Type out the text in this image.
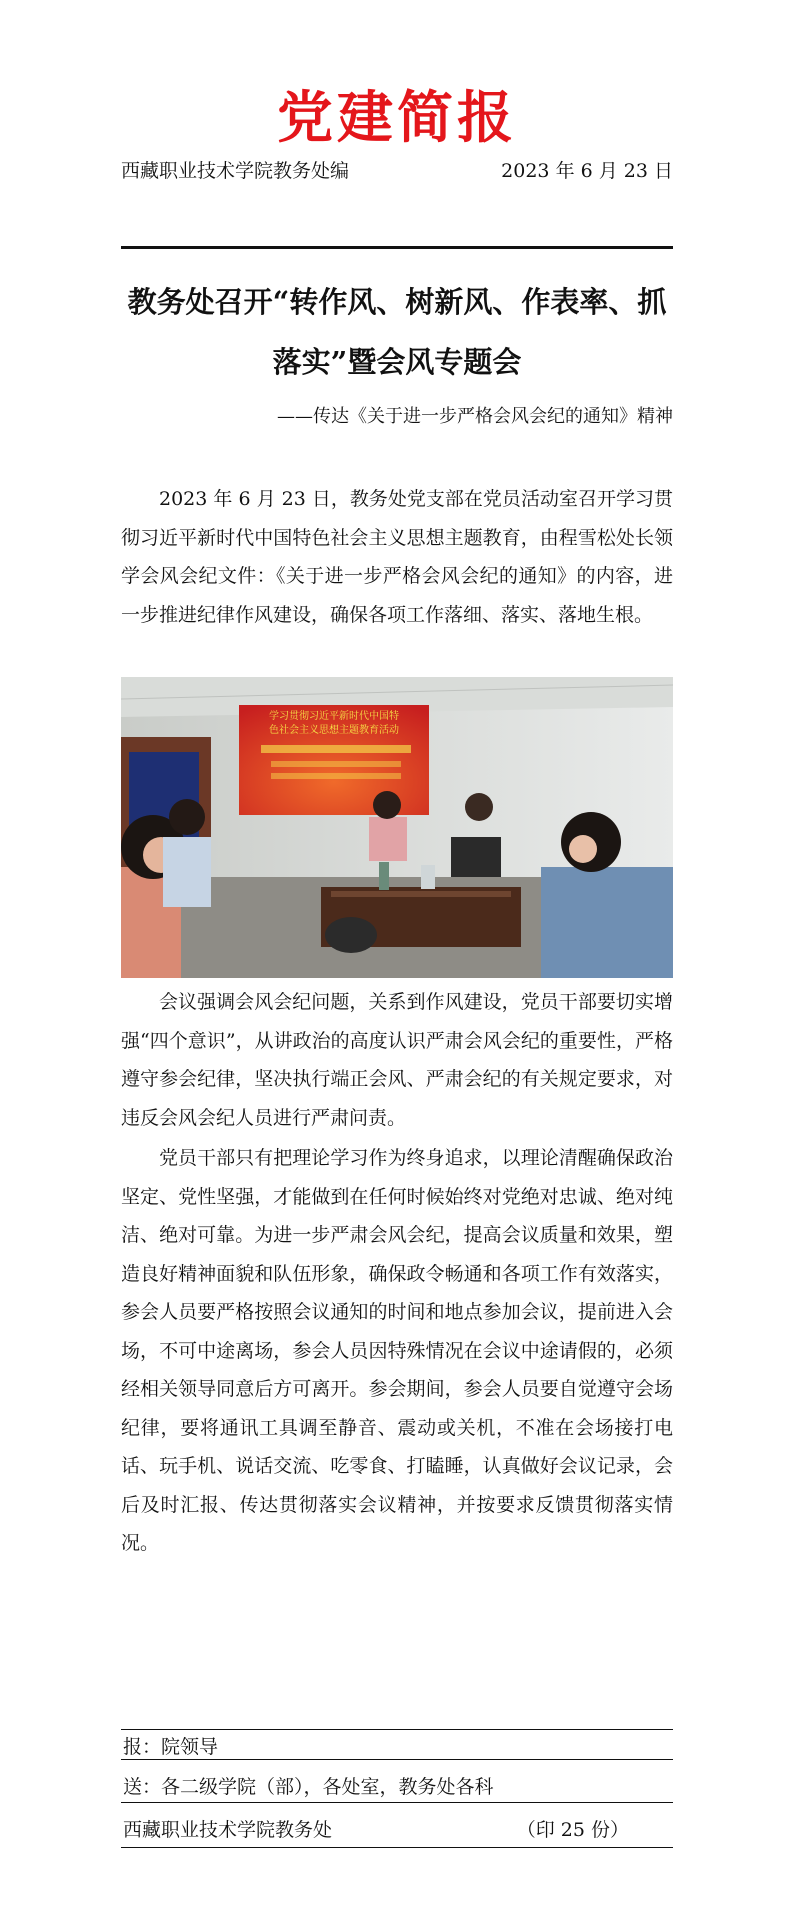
党建简报
西藏职业技术学院教务处编	2023 年 6 月 23 日
教务处召开“转作风、树新风、作表率、抓
落实”暨会风专题会
——传达《关于进一步严格会风会纪的通知》精神

2023 年 6 月 23 日，教务处党支部在党员活动室召开学习贯彻习近平新时代中国特色社会主义思想主题教育，由程雪松处长领学会风会纪文件：《关于进一步严格会风会纪的通知》的内容，进一步推进纪律作风建设，确保各项工作落细、落实、落地生根。

学习贯彻习近平新时代中国特
色社会主义思想主题教育活动

会议强调会风会纪问题，关系到作风建设，党员干部要切实增强“四个意识”，从讲政治的高度认识严肃会风会纪的重要性，严格遵守参会纪律，坚决执行端正会风、严肃会纪的有关规定要求，对违反会风会纪人员进行严肃问责。

党员干部只有把理论学习作为终身追求，以理论清醒确保政治坚定、党性坚强，才能做到在任何时候始终对党绝对忠诚、绝对纯洁、绝对可靠。为进一步严肃会风会纪，提高会议质量和效果，塑造良好精神面貌和队伍形象，确保政令畅通和各项工作有效落实，参会人员要严格按照会议通知的时间和地点参加会议，提前进入会场，不可中途离场，参会人员因特殊情况在会议中途请假的，必须经相关领导同意后方可离开。参会期间，参会人员要自觉遵守会场纪律，要将通讯工具调至静音、震动或关机，不准在会场接打电话、玩手机、说话交流、吃零食、打瞌睡，认真做好会议记录，会后及时汇报、传达贯彻落实会议精神，并按要求反馈贯彻落实情况。

报：院领导
送：各二级学院（部），各处室，教务处各科
西藏职业技术学院教务处	（印 25 份）
